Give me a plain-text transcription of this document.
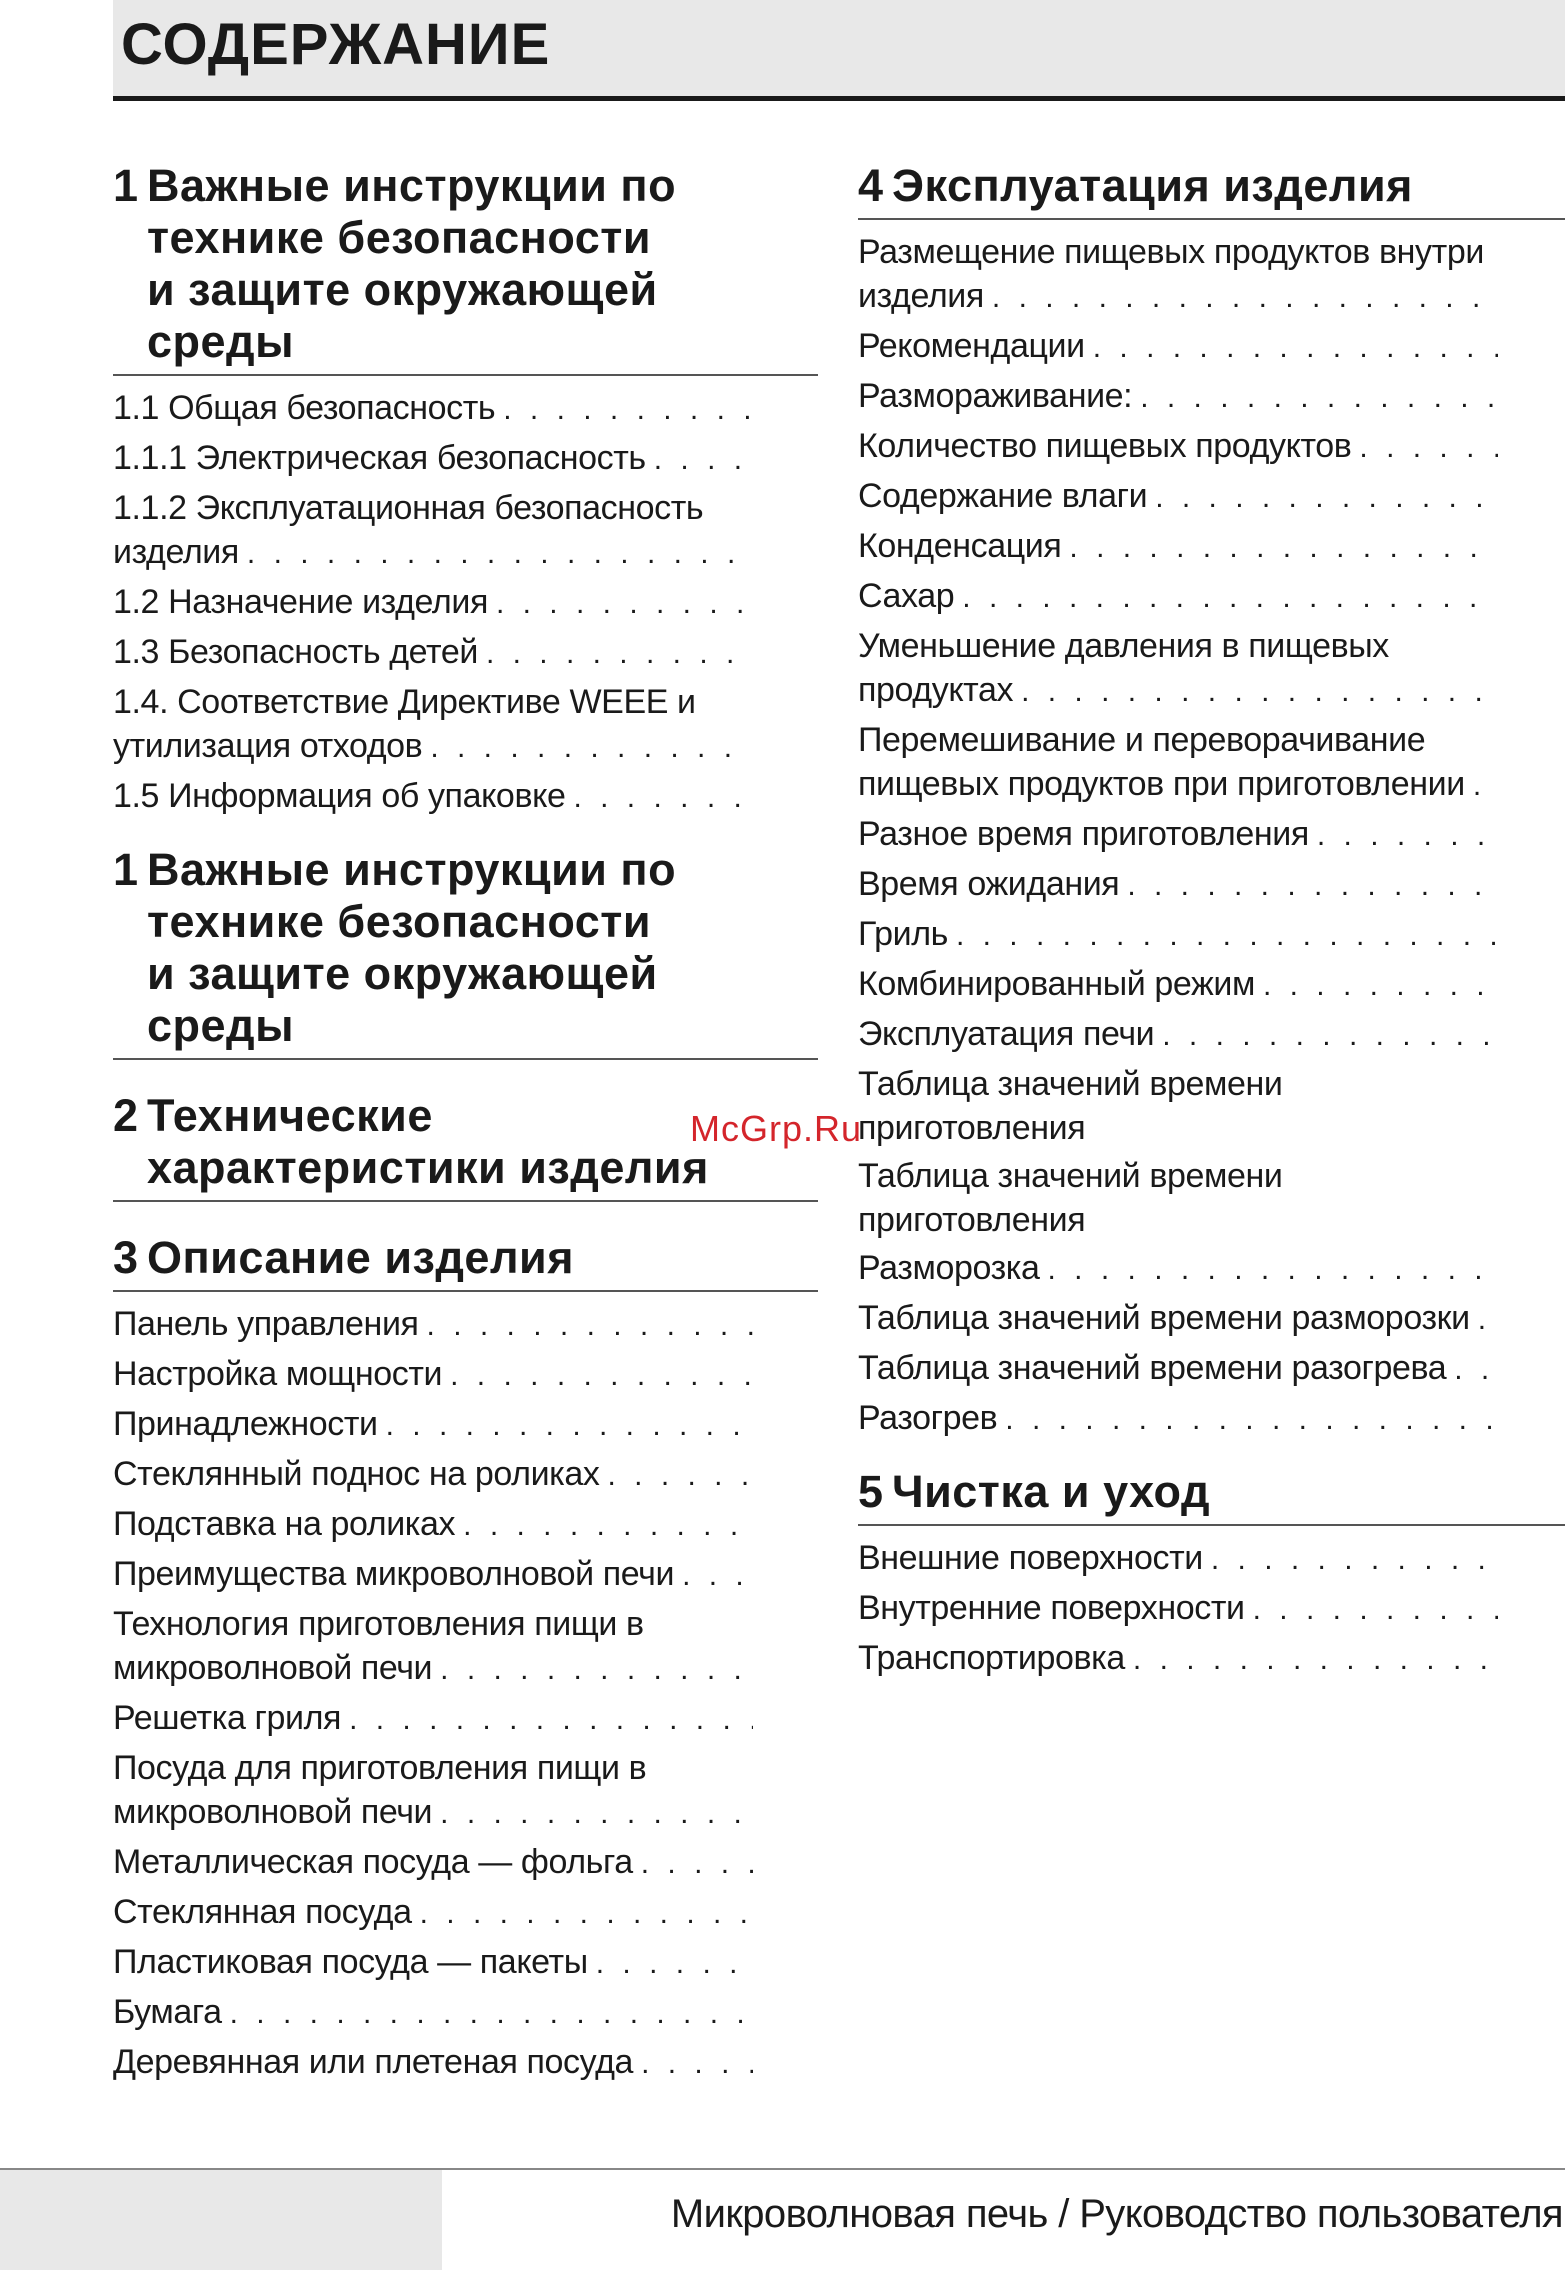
СОДЕРЖАНИЕ
1 Важные инструкции по
технике безопасности
и защите окружающей
среды
1.1 Общая безопасность
. . .
1.1.1 Электрическая безопасность
. . .
1.1.2 Эксплуатационная безопасность
изделия
. . .
1.2 Назначение изделия
. . .
1.3 Безопасность детей
. . .
1.4. Соответствие Директиве WEEE и
утилизация отходов
. . .
1.5 Информация об упаковке
. . .
1 Важные инструкции по
технике безопасности
и защите окружающей
среды
2 Технические
характеристики изделия
3 Описание изделия
Панель управления
. . .
Настройка мощности
. . .
Принадлежности
. . .
Стеклянный поднос на роликах
. . .
Подставка на роликах
. . .
Преимущества микроволновой печи
. . .
Технология приготовления пищи в
микроволновой печи
. . .
Решетка гриля
. . .
Посуда для приготовления пищи в
микроволновой печи
. . .
Металлическая посуда — фольга
. . .
Стеклянная посуда
. . .
Пластиковая посуда — пакеты
. . .
Бумага
. . .
Деревянная или плетеная посуда
. . .
4 Эксплуатация изделия
Размещение пищевых продуктов внутри
изделия
. . .
Рекомендации
. . .
Размораживание:
. . .
Количество пищевых продуктов
. . .
Содержание влаги
. . .
Конденсация
. . .
Сахар
. . .
Уменьшение давления в пищевых
продуктах
. . .
Перемешивание и переворачивание
пищевых продуктов при приготовлении
. . .
Разное время приготовления
. . .
Время ожидания
. . .
Гриль
. . .
Комбинированный режим
. . .
Эксплуатация печи
. . .
Таблица значений времени приготовления
Таблица значений времени приготовления
Разморозка
. . .
Таблица значений времени разморозки
. . .
Таблица значений времени разогрева
. . .
Разогрев
. . .
5 Чистка и уход
Внешние поверхности
. . .
Внутренние поверхности
. . .
Транспортировка
. . .
McGrp.Ru
Микроволновая печь / Руководство пользователя
